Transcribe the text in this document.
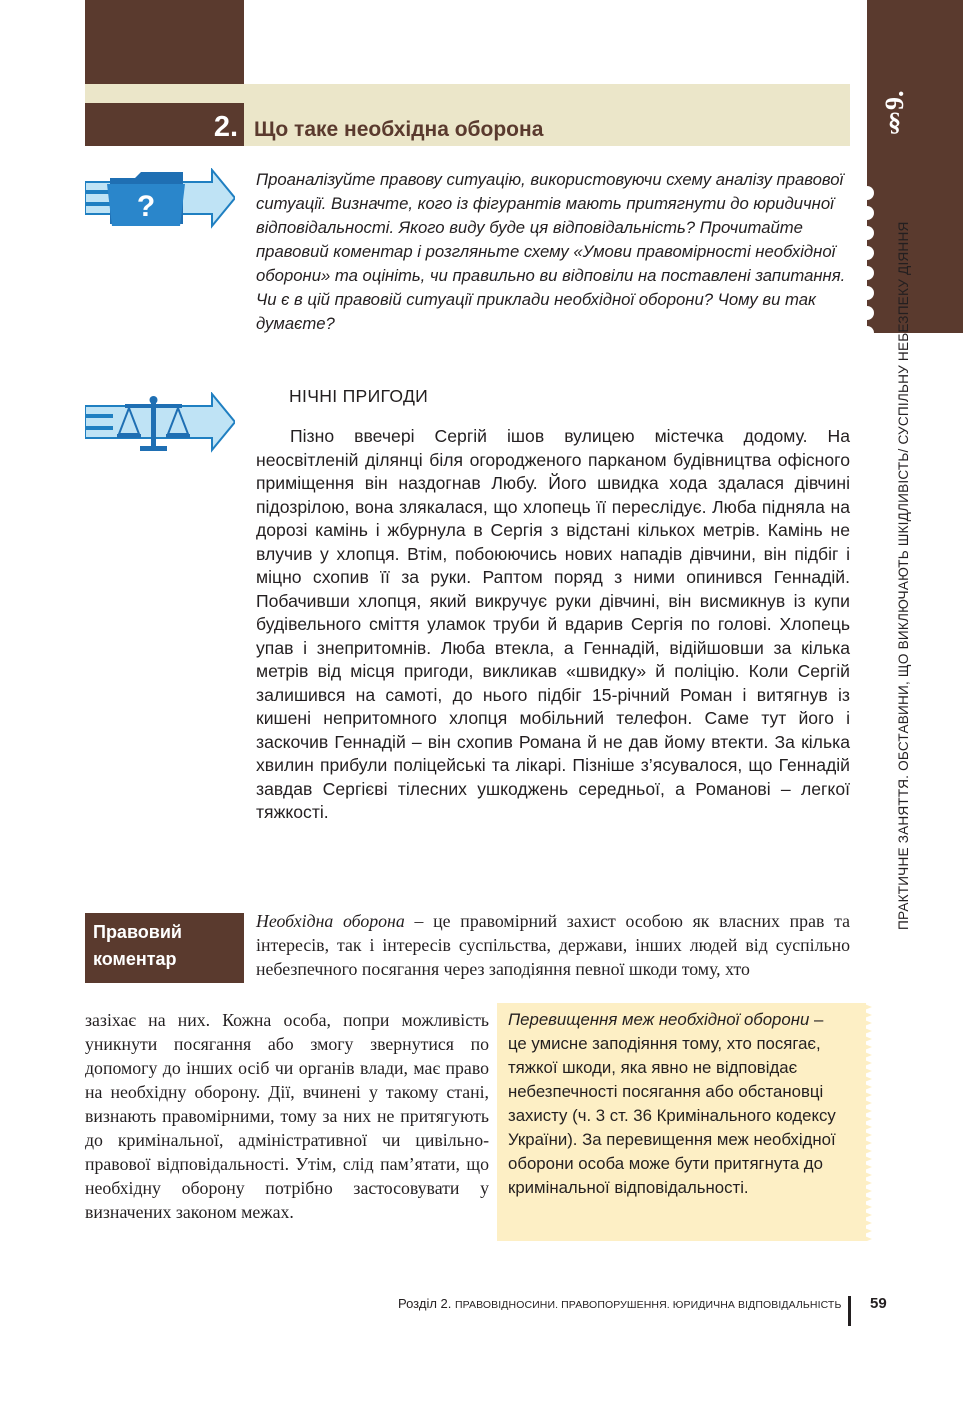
2. Що таке необхідна оборона	§9.
ПРАКТИЧНЕ ЗАНЯТТЯ. ОБСТАВИНИ, ЩО ВИКЛЮЧАЮТЬ ШКІДЛИВІСТЬ/ СУСПІЛЬНУ НЕБЕЗПЕКУ ДІЯННЯ
?

Проаналізуйте правову ситуацію, використовуючи схему аналізу правової ситуації. Визначте, кого із фігурантів мають притягнути до юридичної відповідальності. Якого виду буде ця відповідальність? Прочитайте правовий коментар і розгляньте схему «Умови правомірності необхідної оборони» та оцініть, чи правильно ви відповіли на поставлені запитання.

Чи є в цій правовій ситуації приклади необхідної оборони? Чому ви так думаєте?

НІЧНІ ПРИГОДИ
Пізно ввечері Сергій ішов вулицею містечка додому. На неосвітленій ділянці біля огородженого парканом будівництва офісного приміщення він наздогнав Любу. Його швидка хода здалася дівчині підозрілою, вона злякалася, що хлопець її переслідує. Люба підняла на дорозі камінь і жбурнула в Сергія з відстані кількох метрів. Камінь не влучив у хлопця. Втім, побоюючись нових нападів дівчини, він підбіг і міцно схопив її за руки. Раптом поряд з ними опинився Геннадій. Побачивши хлопця, який викручує руки дівчині, він висмикнув із купи будівельного сміття уламок труби й вдарив Сергія по голові. Хлопець упав і знепритомнів. Люба втекла, а Геннадій, відійшовши за кілька метрів від місця пригоди, викликав «швидку» й поліцію. Коли Сергій залишився на самоті, до нього підбіг 15-річний Роман і витягнув із кишені непритомного хлопця мобільний телефон. Саме тут його і заскочив Геннадій – він схопив Романа й не дав йому втекти. За кілька хвилин прибули поліцейські та лікарі. Пізніше з’ясувалося, що Геннадій завдав Сергієві тілесних ушкоджень середньої, а Романові – легкої тяжкості.
Правовий
коментар
Необхідна оборона – це правомірний захист особою як власних прав та інтересів, так і інтересів суспільства, держави, інших людей від суспільно небезпечного посягання через заподіяння певної шкоди тому, хто
зазіхає на них. Кожна особа, попри можливість уникнути посягання або змогу звернутися по допомогу до інших осіб чи органів влади, має право на необхідну оборону. Дії, вчинені у такому стані, визнають правомірними, тому за них не притягують до кримінальної, адміністративної чи цивільно-правової відповідальності. Утім, слід пам’ятати, що необхідну оборону потрібно застосовувати у визначених законом межах.
Перевищення меж необхідної оборони – це умисне заподіяння тому, хто посягає, тяжкої шкоди, яка явно не відповідає небезпечності посягання або обстановці захисту (ч. 3 ст. 36 Кримінального кодексу України). За перевищення меж необхідної оборони особа може бути притягнута до кримінальної відповідальності.
Розділ 2. ПРАВОВІДНОСИНИ. ПРАВОПОРУШЕННЯ. ЮРИДИЧНА ВІДПОВІДАЛЬНІСТЬ 59
